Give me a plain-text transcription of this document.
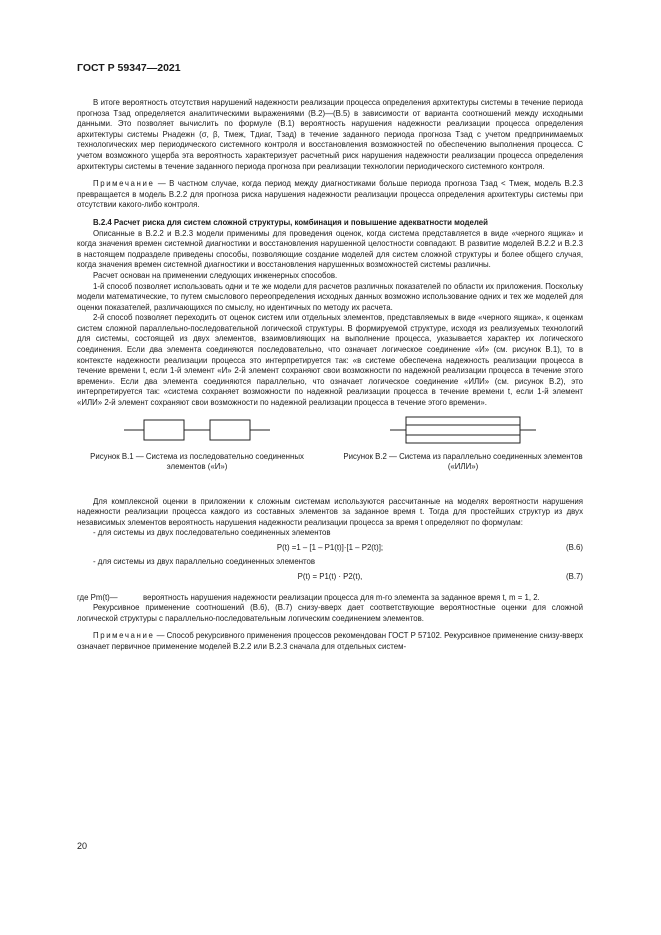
ГОСТ Р 59347—2021

В итоге вероятность отсутствия нарушений надежности реализации процесса определения архитектуры системы в течение периода прогноза Tзад определяется аналитическими выражениями (В.2)—(В.5) в зависимости от варианта соотношений между исходными данными. Это позволяет вычислить по формуле (В.1) вероятность нарушения надежности реализации процесса определения архитектуры системы Pнадежн (σ, β, Tмеж, Tдиаг, Tзад) в течение заданного периода прогноза Tзад с учетом предпринимаемых технологических мер периодического системного контроля и восстановления возможностей по обеспечению выполнения процесса. С учетом возможного ущерба эта вероятность характеризует расчетный риск нарушения надежности реализации процесса определения архитектуры системы в течение заданного периода прогноза при реализации технологии периодического системного контроля.

Примечание — В частном случае, когда период между диагностиками больше периода прогноза Tзад < Tмеж, модель В.2.3 превращается в модель В.2.2 для прогноза риска нарушения надежности реализации процесса определения архитектуры системы при отсутствии какого-либо контроля.

В.2.4 Расчет риска для систем сложной структуры, комбинация и повышение адекватности моделей

Описанные в В.2.2 и В.2.3 модели применимы для проведения оценок, когда система представляется в виде «черного ящика» и когда значения времен системной диагностики и восстановления нарушенной целостности совпадают. В развитие моделей В.2.2 и В.2.3 в настоящем подразделе приведены способы, позволяющие создание моделей для систем сложной структуры и более общего случая, когда значения времен системной диагностики и восстановления нарушенных возможностей системы различны.

Расчет основан на применении следующих инженерных способов.

1-й способ позволяет использовать одни и те же модели для расчетов различных показателей по области их приложения. Поскольку модели математические, то путем смыслового переопределения исходных данных возможно использование одних и тех же моделей для оценки показателей, различающихся по смыслу, но идентичных по методу их расчета.

2-й способ позволяет переходить от оценок систем или отдельных элементов, представляемых в виде «черного ящика», к оценкам систем сложной параллельно-последовательной логической структуры. В формируемой структуре, исходя из реализуемых технологий для системы, состоящей из двух элементов, взаимовлияющих на выполнение процесса, указывается характер их логического соединения. Если два элемента соединяются последовательно, что означает логическое соединение «И» (см. рисунок В.1), то в контексте надежности реализации процесса это интерпретируется так: «в системе обеспечена надежность реализации процесса в течение времени t, если 1-й элемент «И» 2-й элемент сохраняют свои возможности по надежной реализации процесса в течение этого времени». Если два элемента соединяются параллельно, что означает логическое соединение «ИЛИ» (см. рисунок В.2), это интерпретируется так: «система сохраняет возможности по надежной реализации процесса в течение времени t, если 1-й элемент «ИЛИ» 2-й элемент сохраняют свои возможности по надежной реализации процесса в течение этого времени».

Рисунок В.1 — Система из последовательно соединенных элементов («И»)
Рисунок В.2 — Система из параллельно соединенных элементов («ИЛИ»)

Для комплексной оценки в приложении к сложным системам используются рассчитанные на моделях вероятности нарушения надежности реализации процесса каждого из составных элементов за заданное время t. Тогда для простейших структур из двух независимых элементов вероятность нарушения надежности реализации процесса за время t определяют по формулам:

- для системы из двух последовательно соединенных элементов

P(t) =1 – [1 – P1(t)]·[1 – P2(t)];	(В.6)

- для системы из двух параллельно соединенных элементов

P(t) = P1(t) · P2(t),	(В.7)

где Pm(t)—	вероятность нарушения надежности реализации процесса для m-го элемента за заданное время t, m = 1, 2.

Рекурсивное применение соотношений (В.6), (В.7) снизу-вверх дает соответствующие вероятностные оценки для сложной логической структуры с параллельно-последовательным логическим соединением элементов.

Примечание — Способ рекурсивного применения процессов рекомендован ГОСТ Р 57102. Рекурсивное применение снизу-вверх означает первичное применение моделей В.2.2 или В.2.3 сначала для отдельных систем-

20
